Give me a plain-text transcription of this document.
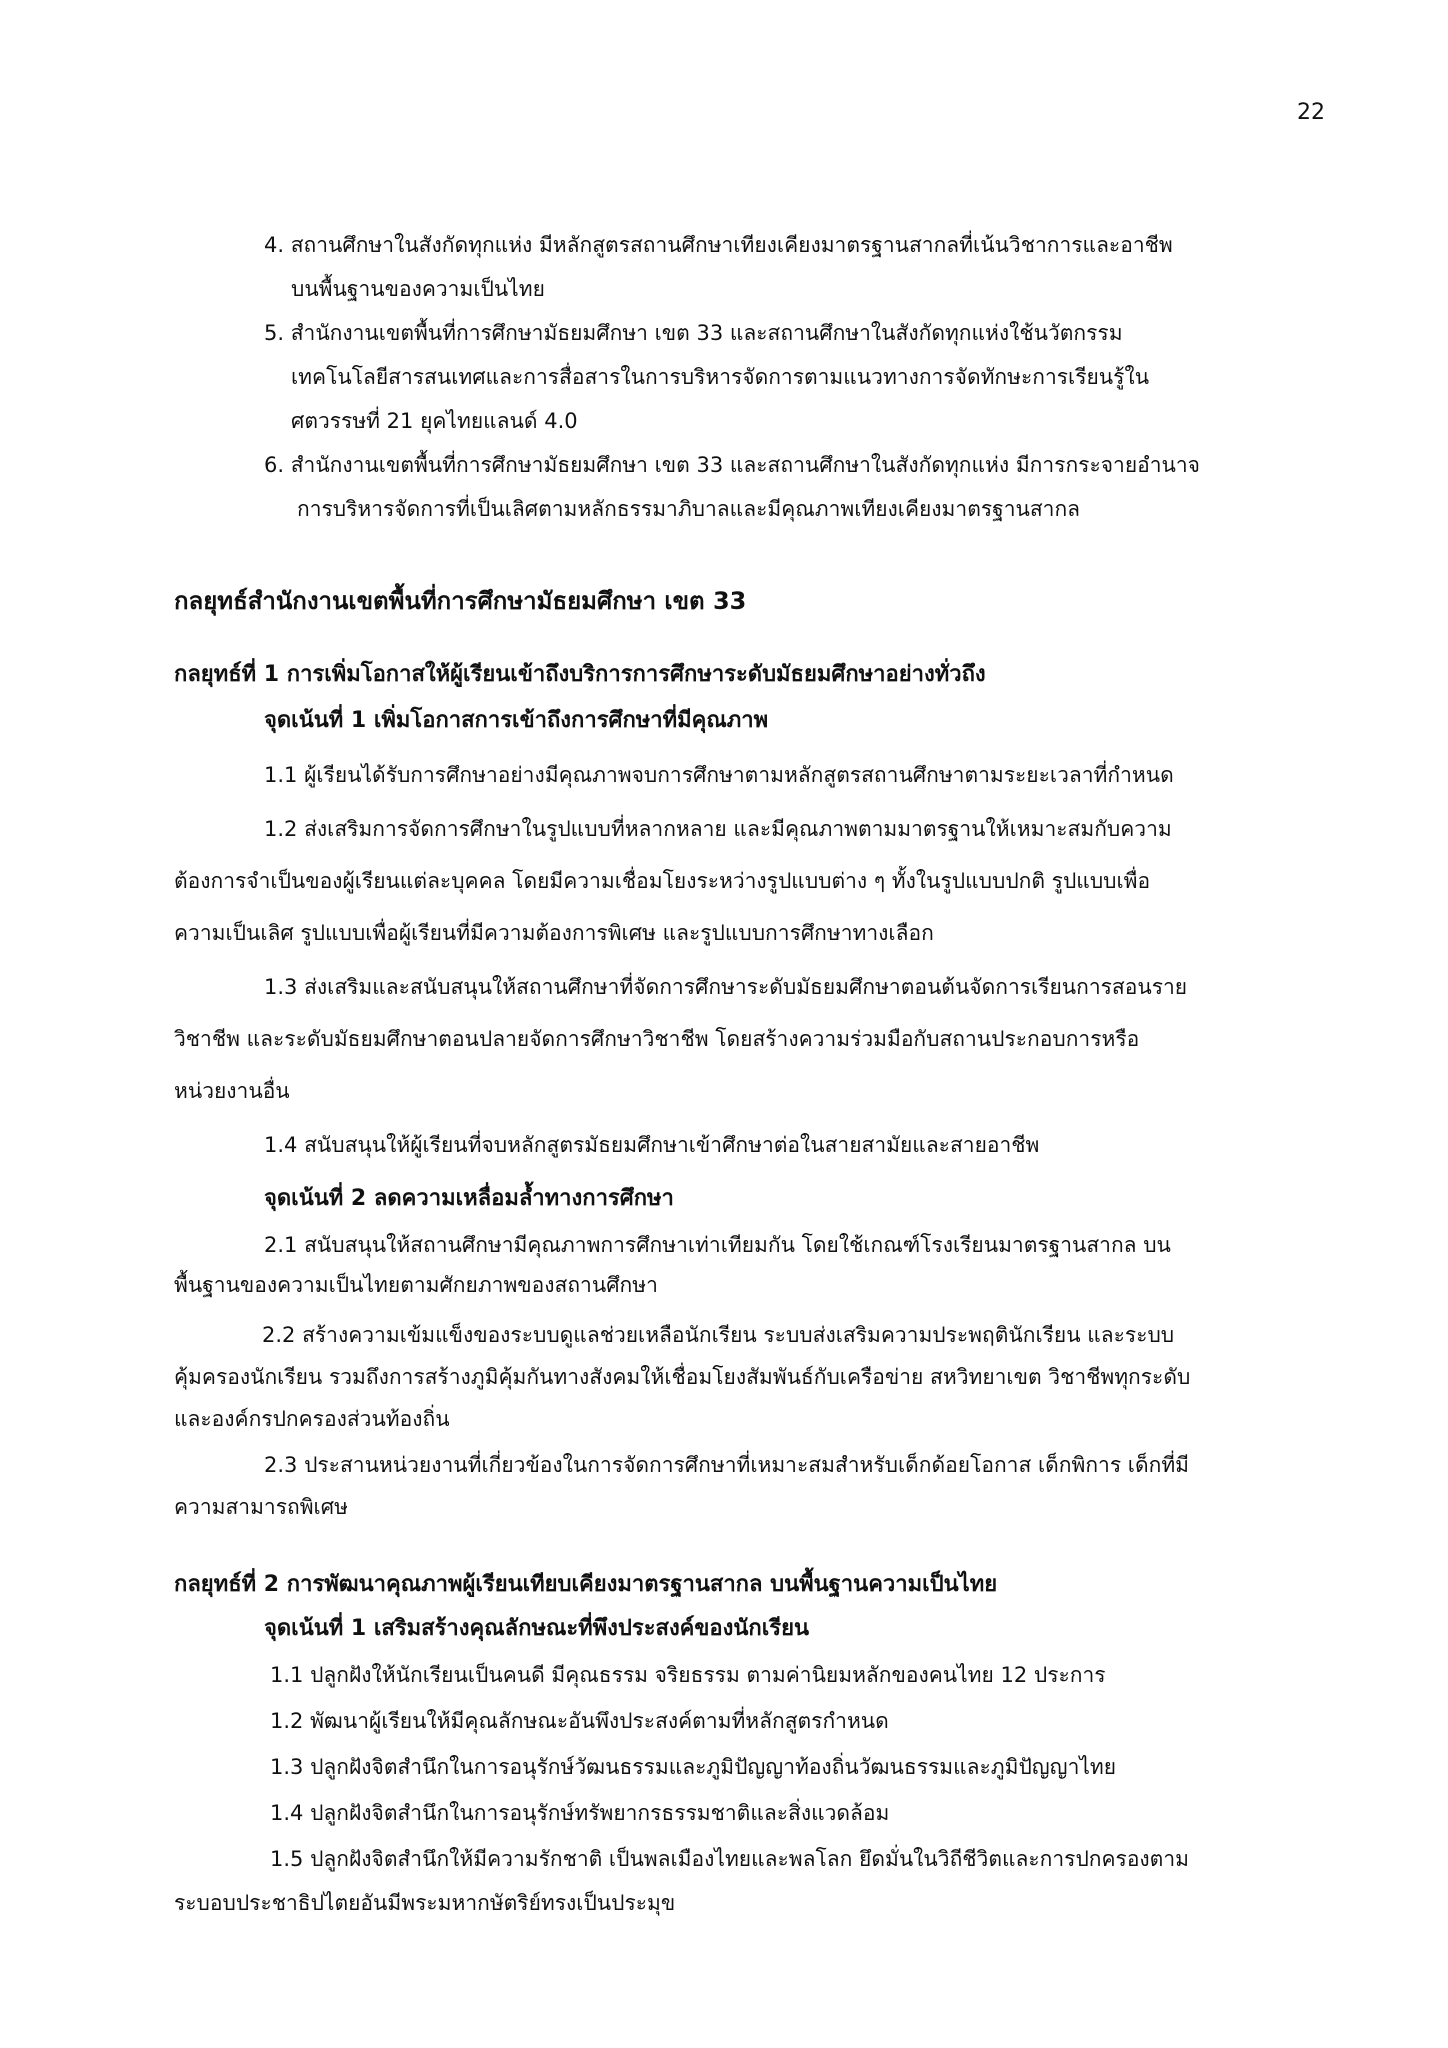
22
4. สถานศึกษาในสังกัดทุกแห่ง มีหลักสูตรสถานศึกษาเทียงเคียงมาตรฐานสากลที่เน้นวิชาการและอาชีพ
บนพื้นฐานของความเป็นไทย
5. สำนักงานเขตพื้นที่การศึกษามัธยมศึกษา เขต 33 และสถานศึกษาในสังกัดทุกแห่งใช้นวัตกรรม
เทคโนโลยีสารสนเทศและการสื่อสารในการบริหารจัดการตามแนวทางการจัดทักษะการเรียนรู้ใน
ศตวรรษที่ 21 ยุคไทยแลนด์ 4.0
6. สำนักงานเขตพื้นที่การศึกษามัธยมศึกษา เขต 33 และสถานศึกษาในสังกัดทุกแห่ง มีการกระจายอำนาจ
การบริหารจัดการที่เป็นเลิศตามหลักธรรมาภิบาลและมีคุณภาพเทียงเคียงมาตรฐานสากล
กลยุทธ์สำนักงานเขตพื้นที่การศึกษามัธยมศึกษา เขต 33
กลยุทธ์ที่ 1 การเพิ่มโอกาสให้ผู้เรียนเข้าถึงบริการการศึกษาระดับมัธยมศึกษาอย่างทั่วถึง
จุดเน้นที่ 1 เพิ่มโอกาสการเข้าถึงการศึกษาที่มีคุณภาพ
1.1 ผู้เรียนได้รับการศึกษาอย่างมีคุณภาพจบการศึกษาตามหลักสูตรสถานศึกษาตามระยะเวลาที่กำหนด
1.2 ส่งเสริมการจัดการศึกษาในรูปแบบที่หลากหลาย และมีคุณภาพตามมาตรฐานให้เหมาะสมกับความ
ต้องการจำเป็นของผู้เรียนแต่ละบุคคล โดยมีความเชื่อมโยงระหว่างรูปแบบต่าง ๆ ทั้งในรูปแบบปกติ รูปแบบเพื่อ
ความเป็นเลิศ รูปแบบเพื่อผู้เรียนที่มีความต้องการพิเศษ และรูปแบบการศึกษาทางเลือก
1.3 ส่งเสริมและสนับสนุนให้สถานศึกษาที่จัดการศึกษาระดับมัธยมศึกษาตอนต้นจัดการเรียนการสอนราย
วิชาชีพ และระดับมัธยมศึกษาตอนปลายจัดการศึกษาวิชาชีพ โดยสร้างความร่วมมือกับสถานประกอบการหรือ
หน่วยงานอื่น
1.4 สนับสนุนให้ผู้เรียนที่จบหลักสูตรมัธยมศึกษาเข้าศึกษาต่อในสายสามัยและสายอาชีพ
จุดเน้นที่ 2 ลดความเหลื่อมล้ำทางการศึกษา
2.1 สนับสนุนให้สถานศึกษามีคุณภาพการศึกษาเท่าเทียมกัน โดยใช้เกณฑ์โรงเรียนมาตรฐานสากล บน
พื้นฐานของความเป็นไทยตามศักยภาพของสถานศึกษา
2.2 สร้างความเข้มแข็งของระบบดูแลช่วยเหลือนักเรียน ระบบส่งเสริมความประพฤตินักเรียน และระบบ
คุ้มครองนักเรียน รวมถึงการสร้างภูมิคุ้มกันทางสังคมให้เชื่อมโยงสัมพันธ์กับเครือข่าย สหวิทยาเขต วิชาชีพทุกระดับ
และองค์กรปกครองส่วนท้องถิ่น
2.3 ประสานหน่วยงานที่เกี่ยวข้องในการจัดการศึกษาที่เหมาะสมสำหรับเด็กด้อยโอกาส เด็กพิการ เด็กที่มี
ความสามารถพิเศษ
กลยุทธ์ที่ 2 การพัฒนาคุณภาพผู้เรียนเทียบเคียงมาตรฐานสากล บนพื้นฐานความเป็นไทย
จุดเน้นที่ 1 เสริมสร้างคุณลักษณะที่พึงประสงค์ของนักเรียน
1.1 ปลูกฝังให้นักเรียนเป็นคนดี มีคุณธรรม จริยธรรม ตามค่านิยมหลักของคนไทย 12 ประการ
1.2 พัฒนาผู้เรียนให้มีคุณลักษณะอันพึงประสงค์ตามที่หลักสูตรกำหนด
1.3 ปลูกฝังจิตสำนึกในการอนุรักษ์วัฒนธรรมและภูมิปัญญาท้องถิ่นวัฒนธรรมและภูมิปัญญาไทย
1.4 ปลูกฝังจิตสำนึกในการอนุรักษ์ทรัพยากรธรรมชาติและสิ่งแวดล้อม
1.5 ปลูกฝังจิตสำนึกให้มีความรักชาติ เป็นพลเมืองไทยและพลโลก ยึดมั่นในวิถีชีวิตและการปกครองตาม
ระบอบประชาธิปไตยอันมีพระมหากษัตริย์ทรงเป็นประมุข
